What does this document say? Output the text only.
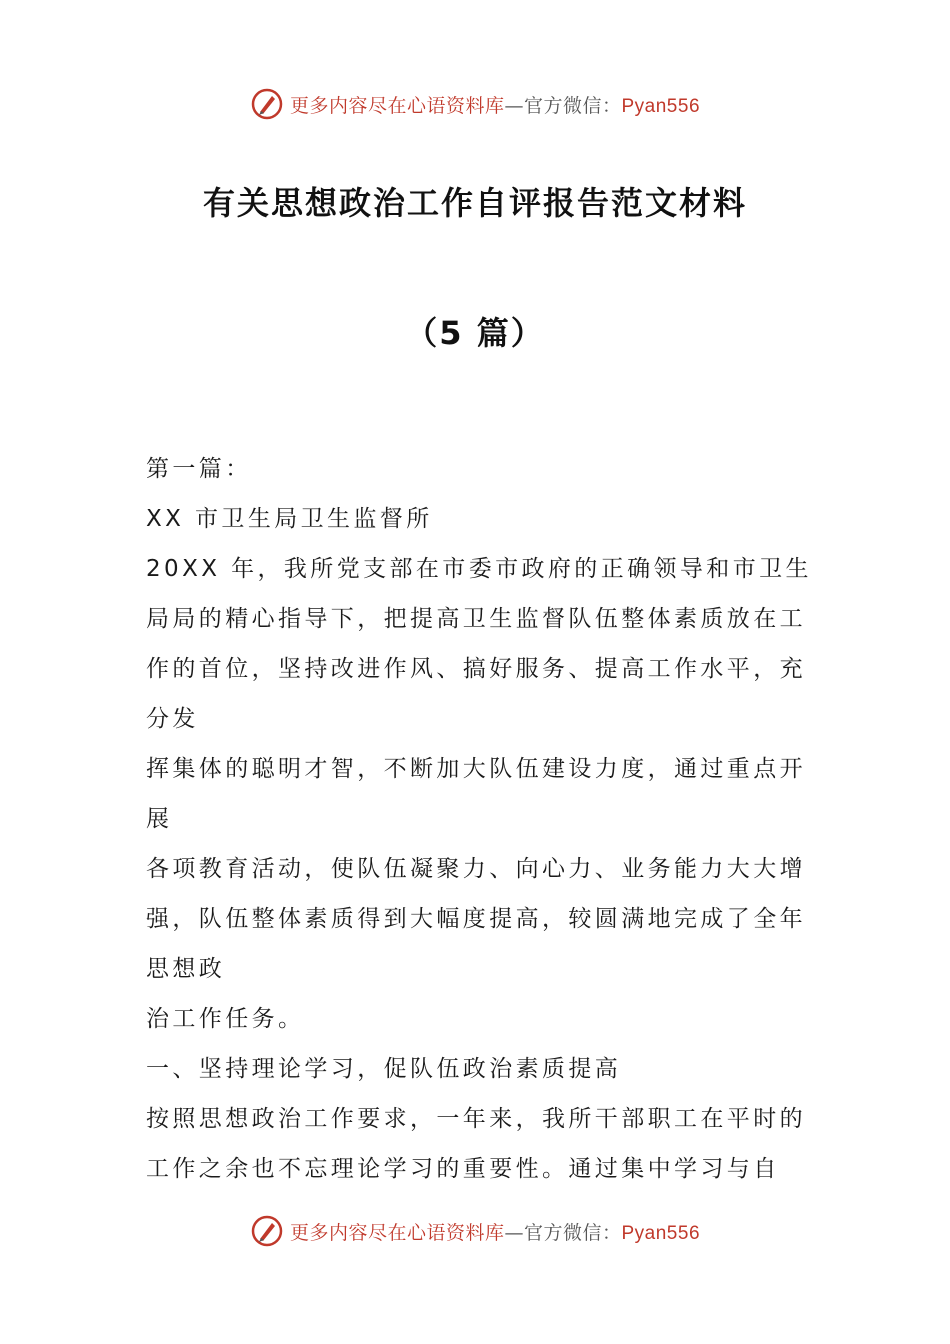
更多内容尽在心语资料库—官方微信：Pyan556
有关思想政治工作自评报告范文材料
（5 篇）
第一篇：
XX 市卫生局卫生监督所
20XX 年，我所党支部在市委市政府的正确领导和市卫生
局局的精心指导下，把提高卫生监督队伍整体素质放在工
作的首位，坚持改进作风、搞好服务、提高工作水平，充
分发
挥集体的聪明才智，不断加大队伍建设力度，通过重点开
展
各项教育活动，使队伍凝聚力、向心力、业务能力大大增
强，队伍整体素质得到大幅度提高，较圆满地完成了全年
思想政
治工作任务。
一、坚持理论学习，促队伍政治素质提高
按照思想政治工作要求，一年来，我所干部职工在平时的
工作之余也不忘理论学习的重要性。通过集中学习与自
更多内容尽在心语资料库—官方微信：Pyan556
